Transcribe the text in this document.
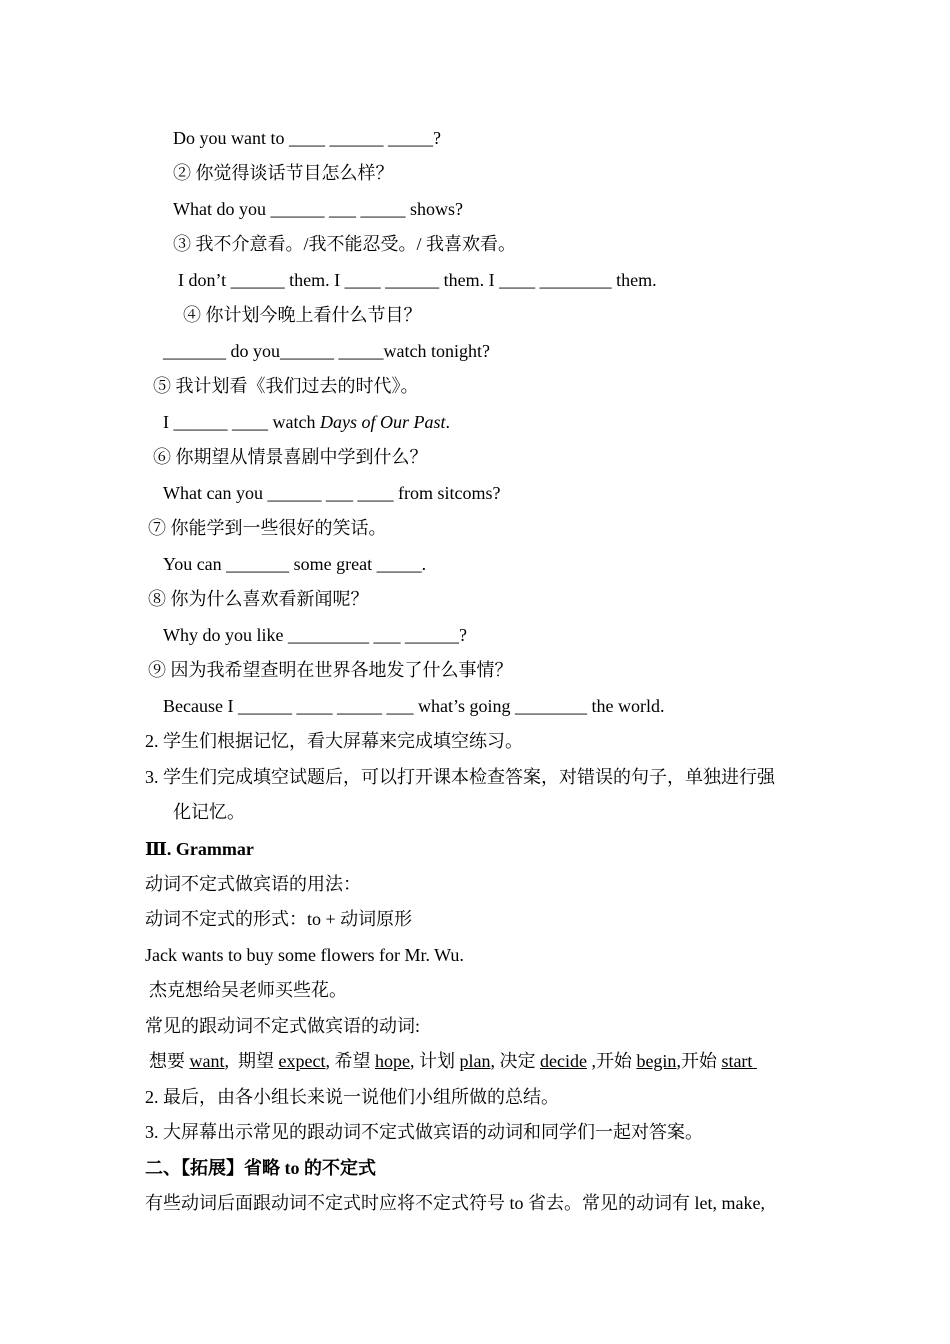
Do you want to ____ ______ _____?
② 你觉得谈话节目怎么样？
What do you ______ ___ _____ shows?
③ 我不介意看。/我不能忍受。/ 我喜欢看。
I don’t ______ them. I ____ ______ them. I ____ ________ them.
④ 你计划今晚上看什么节目？
_______ do you______ _____watch tonight?
⑤ 我计划看《我们过去的时代》。
I ______ ____ watch Days of Our Past.
⑥ 你期望从情景喜剧中学到什么？
What can you ______ ___ ____ from sitcoms?
⑦ 你能学到一些很好的笑话。
You can _______ some great _____.
⑧ 你为什么喜欢看新闻呢？
Why do you like _________ ___ ______?
⑨ 因为我希望查明在世界各地发了什么事情？
Because I ______ ____ _____ ___ what’s going ________ the world.
2. 学生们根据记忆，看大屏幕来完成填空练习。
3. 学生们完成填空试题后，可以打开课本检查答案，对错误的句子，单独进行强
化记忆。
Ⅲ. Grammar
动词不定式做宾语的用法：
动词不定式的形式：to + 动词原形
Jack wants to buy some flowers for Mr. Wu.
杰克想给吴老师买些花。
常见的跟动词不定式做宾语的动词:
想要 want,  期望 expect, 希望 hope, 计划 plan, 决定 decide ,开始 begin,开始 start
2. 最后，由各小组长来说一说他们小组所做的总结。
3. 大屏幕出示常见的跟动词不定式做宾语的动词和同学们一起对答案。
二、【拓展】省略 to 的不定式
有些动词后面跟动词不定式时应将不定式符号 to 省去。常见的动词有 let, make,
